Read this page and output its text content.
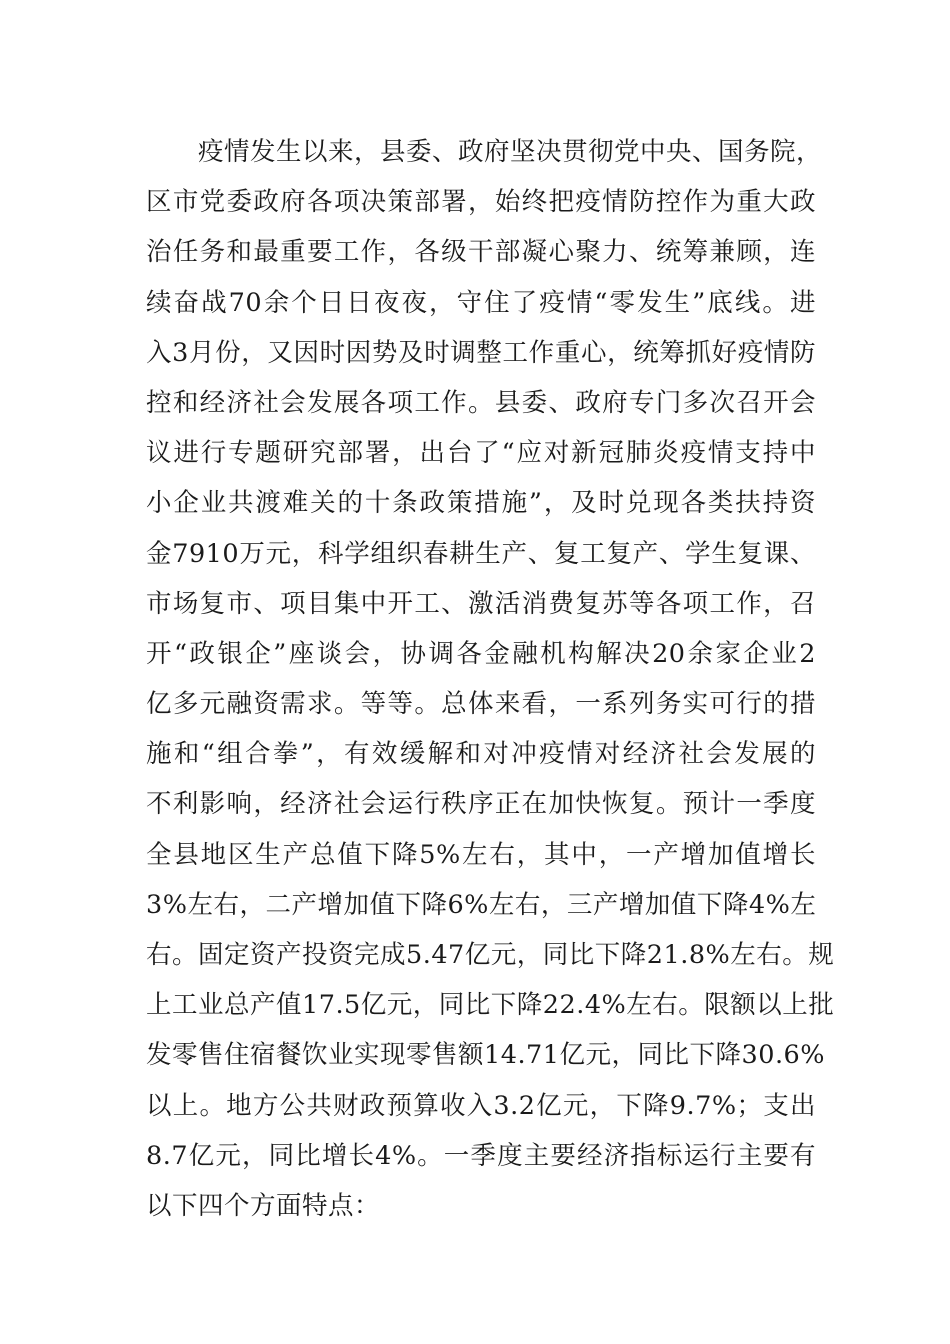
疫情发生以来，县委、政府坚决贯彻党中央、国务院，
区市党委政府各项决策部署，始终把疫情防控作为重大政
治任务和最重要工作，各级干部凝心聚力、统筹兼顾，连
续奋战70余个日日夜夜，守住了疫情“零发生”底线。进
入3月份，又因时因势及时调整工作重心，统筹抓好疫情防
控和经济社会发展各项工作。县委、政府专门多次召开会
议进行专题研究部署，出台了“应对新冠肺炎疫情支持中
小企业共渡难关的十条政策措施”，及时兑现各类扶持资
金7910万元，科学组织春耕生产、复工复产、学生复课、
市场复市、项目集中开工、激活消费复苏等各项工作，召
开“政银企”座谈会，协调各金融机构解决20余家企业2
亿多元融资需求。等等。总体来看，一系列务实可行的措
施和“组合拳”，有效缓解和对冲疫情对经济社会发展的
不利影响，经济社会运行秩序正在加快恢复。预计一季度
全县地区生产总值下降5%左右，其中，一产增加值增长
3%左右，二产增加值下降6%左右，三产增加值下降4%左
右。固定资产投资完成5.47亿元，同比下降21.8%左右。规
上工业总产值17.5亿元，同比下降22.4%左右。限额以上批
发零售住宿餐饮业实现零售额14.71亿元，同比下降30.6%
以上。地方公共财政预算收入3.2亿元，下降9.7%；支出
8.7亿元，同比增长4%。一季度主要经济指标运行主要有
以下四个方面特点：
